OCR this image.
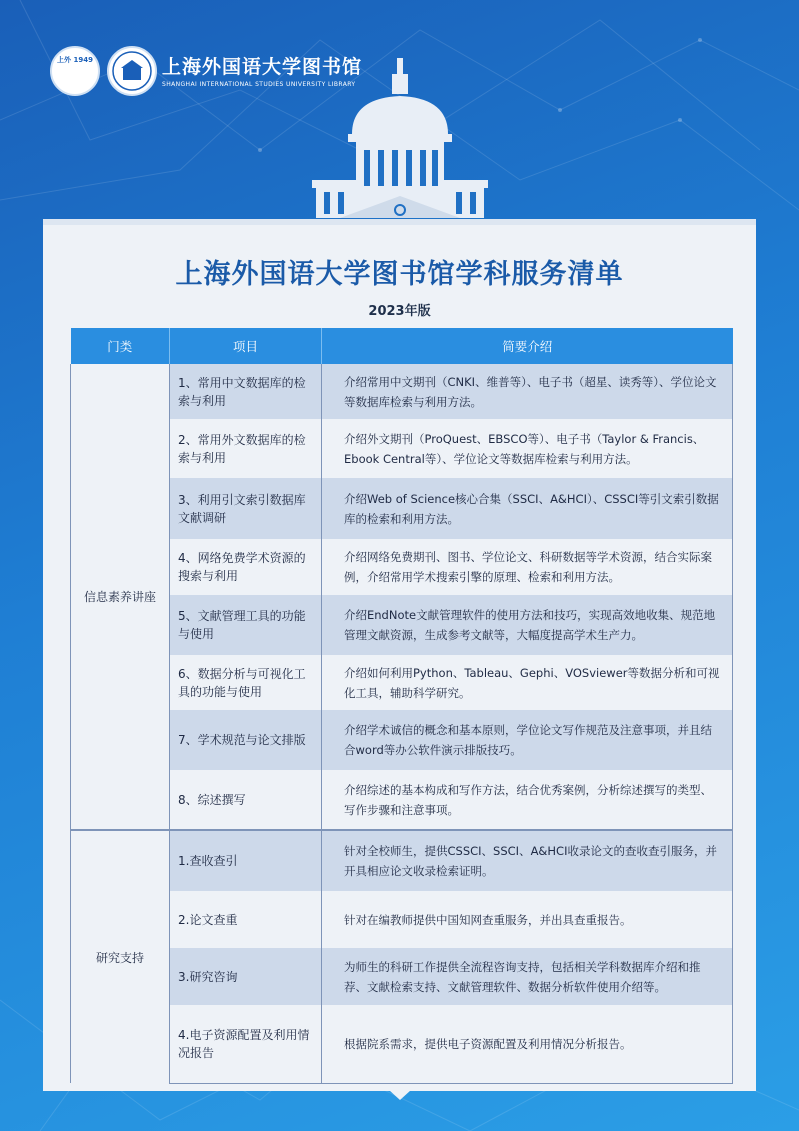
上外 1949	上海外国语大学图书馆
SHANGHAI INTERNATIONAL STUDIES UNIVERSITY LIBRARY
上海外国语大学图书馆学科服务清单
2023年版
门类	项目	简要介绍
信息素养讲座	1、常用中文数据库的检索与利用	介绍常用中文期刊（CNKI、维普等）、电子书（超星、读秀等）、学位论文等数据库检索与利用方法。
	2、常用外文数据库的检索与利用	介绍外文期刊（ProQuest、EBSCO等）、电子书（Taylor & Francis、Ebook Central等）、学位论文等数据库检索与利用方法。
	3、利用引文索引数据库文献调研	介绍Web of Science核心合集（SSCI、A&HCI）、CSSCI等引文索引数据库的检索和利用方法。
	4、网络免费学术资源的搜索与利用	介绍网络免费期刊、图书、学位论文、科研数据等学术资源，结合实际案例，介绍常用学术搜索引擎的原理、检索和利用方法。
	5、文献管理工具的功能与使用	介绍EndNote文献管理软件的使用方法和技巧，实现高效地收集、规范地管理文献资源，生成参考文献等，大幅度提高学术生产力。
	6、数据分析与可视化工具的功能与使用	介绍如何利用Python、Tableau、Gephi、VOSviewer等数据分析和可视化工具，辅助科学研究。
	7、学术规范与论文排版	介绍学术诚信的概念和基本原则，学位论文写作规范及注意事项，并且结合word等办公软件演示排版技巧。
	8、综述撰写	介绍综述的基本构成和写作方法，结合优秀案例，分析综述撰写的类型、写作步骤和注意事项。
研究支持	1.查收查引	针对全校师生，提供CSSCI、SSCI、A&HCI收录论文的查收查引服务，并开具相应论文收录检索证明。
	2.论文查重	针对在编教师提供中国知网查重服务，并出具查重报告。
	3.研究咨询	为师生的科研工作提供全流程咨询支持，包括相关学科数据库介绍和推荐、文献检索支持、文献管理软件、数据分析软件使用介绍等。
	4.电子资源配置及利用情况报告	根据院系需求，提供电子资源配置及利用情况分析报告。
